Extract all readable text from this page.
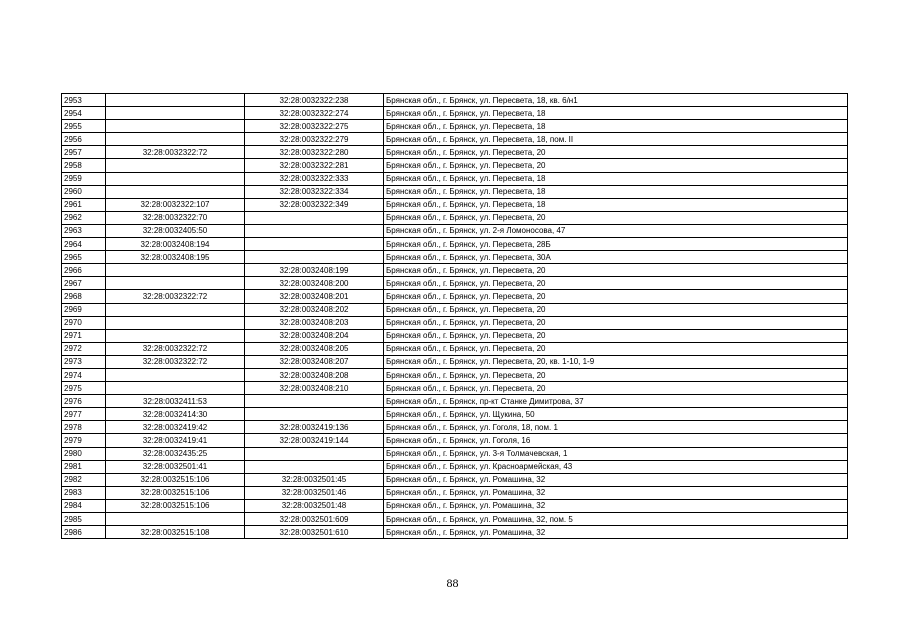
2953		32:28:0032322:238	Брянская обл., г. Брянск, ул. Пересвета, 18, кв. 6/н1
2954		32:28:0032322:274	Брянская обл., г. Брянск, ул. Пересвета, 18
2955		32:28:0032322:275	Брянская обл., г. Брянск, ул. Пересвета, 18
2956		32:28:0032322:279	Брянская обл., г. Брянск, ул. Пересвета, 18, пом. II
2957	32:28:0032322:72	32:28:0032322:280	Брянская обл., г. Брянск, ул. Пересвета, 20
2958		32:28:0032322:281	Брянская обл., г. Брянск, ул. Пересвета, 20
2959		32:28:0032322:333	Брянская обл., г. Брянск, ул. Пересвета, 18
2960		32:28:0032322:334	Брянская обл., г. Брянск, ул. Пересвета, 18
2961	32:28:0032322:107	32:28:0032322:349	Брянская обл., г. Брянск, ул. Пересвета, 18
2962	32:28:0032322:70		Брянская обл., г. Брянск, ул. Пересвета, 20
2963	32:28:0032405:50		Брянская обл., г. Брянск, ул. 2-я Ломоносова, 47
2964	32:28:0032408:194		Брянская обл., г. Брянск, ул. Пересвета, 28Б
2965	32:28:0032408:195		Брянская обл., г. Брянск, ул. Пересвета, 30А
2966		32:28:0032408:199	Брянская обл., г. Брянск, ул. Пересвета, 20
2967		32:28:0032408:200	Брянская обл., г. Брянск, ул. Пересвета, 20
2968	32:28:0032322:72	32:28:0032408:201	Брянская обл., г. Брянск, ул. Пересвета, 20
2969		32:28:0032408:202	Брянская обл., г. Брянск, ул. Пересвета, 20
2970		32:28:0032408:203	Брянская обл., г. Брянск, ул. Пересвета, 20
2971		32:28:0032408:204	Брянская обл., г. Брянск, ул. Пересвета, 20
2972	32:28:0032322:72	32:28:0032408:205	Брянская обл., г. Брянск, ул. Пересвета, 20
2973	32:28:0032322:72	32:28:0032408:207	Брянская обл., г. Брянск, ул. Пересвета, 20, кв. 1-10, 1-9
2974		32:28:0032408:208	Брянская обл., г. Брянск, ул. Пересвета, 20
2975		32:28:0032408:210	Брянская обл., г. Брянск, ул. Пересвета, 20
2976	32:28:0032411:53		Брянская обл., г. Брянск, пр-кт Станке Димитрова, 37
2977	32:28:0032414:30		Брянская обл., г. Брянск, ул. Щукина, 50
2978	32:28:0032419:42	32:28:0032419:136	Брянская обл., г. Брянск, ул. Гоголя, 18, пом. 1
2979	32:28:0032419:41	32:28:0032419:144	Брянская обл., г. Брянск, ул. Гоголя, 16
2980	32:28:0032435:25		Брянская обл., г. Брянск, ул. 3-я Толмачевская, 1
2981	32:28:0032501:41		Брянская обл., г. Брянск, ул. Красноармейская, 43
2982	32:28:0032515:106	32:28:0032501:45	Брянская обл., г. Брянск, ул. Ромашина, 32
2983	32:28:0032515:106	32:28:0032501:46	Брянская обл., г. Брянск, ул. Ромашина, 32
2984	32:28:0032515:106	32:28:0032501:48	Брянская обл., г. Брянск, ул. Ромашина, 32
2985		32:28:0032501:609	Брянская обл., г. Брянск, ул. Ромашина, 32, пом. 5
2986	32:28:0032515:108	32:28:0032501:610	Брянская обл., г. Брянск, ул. Ромашина, 32
88
